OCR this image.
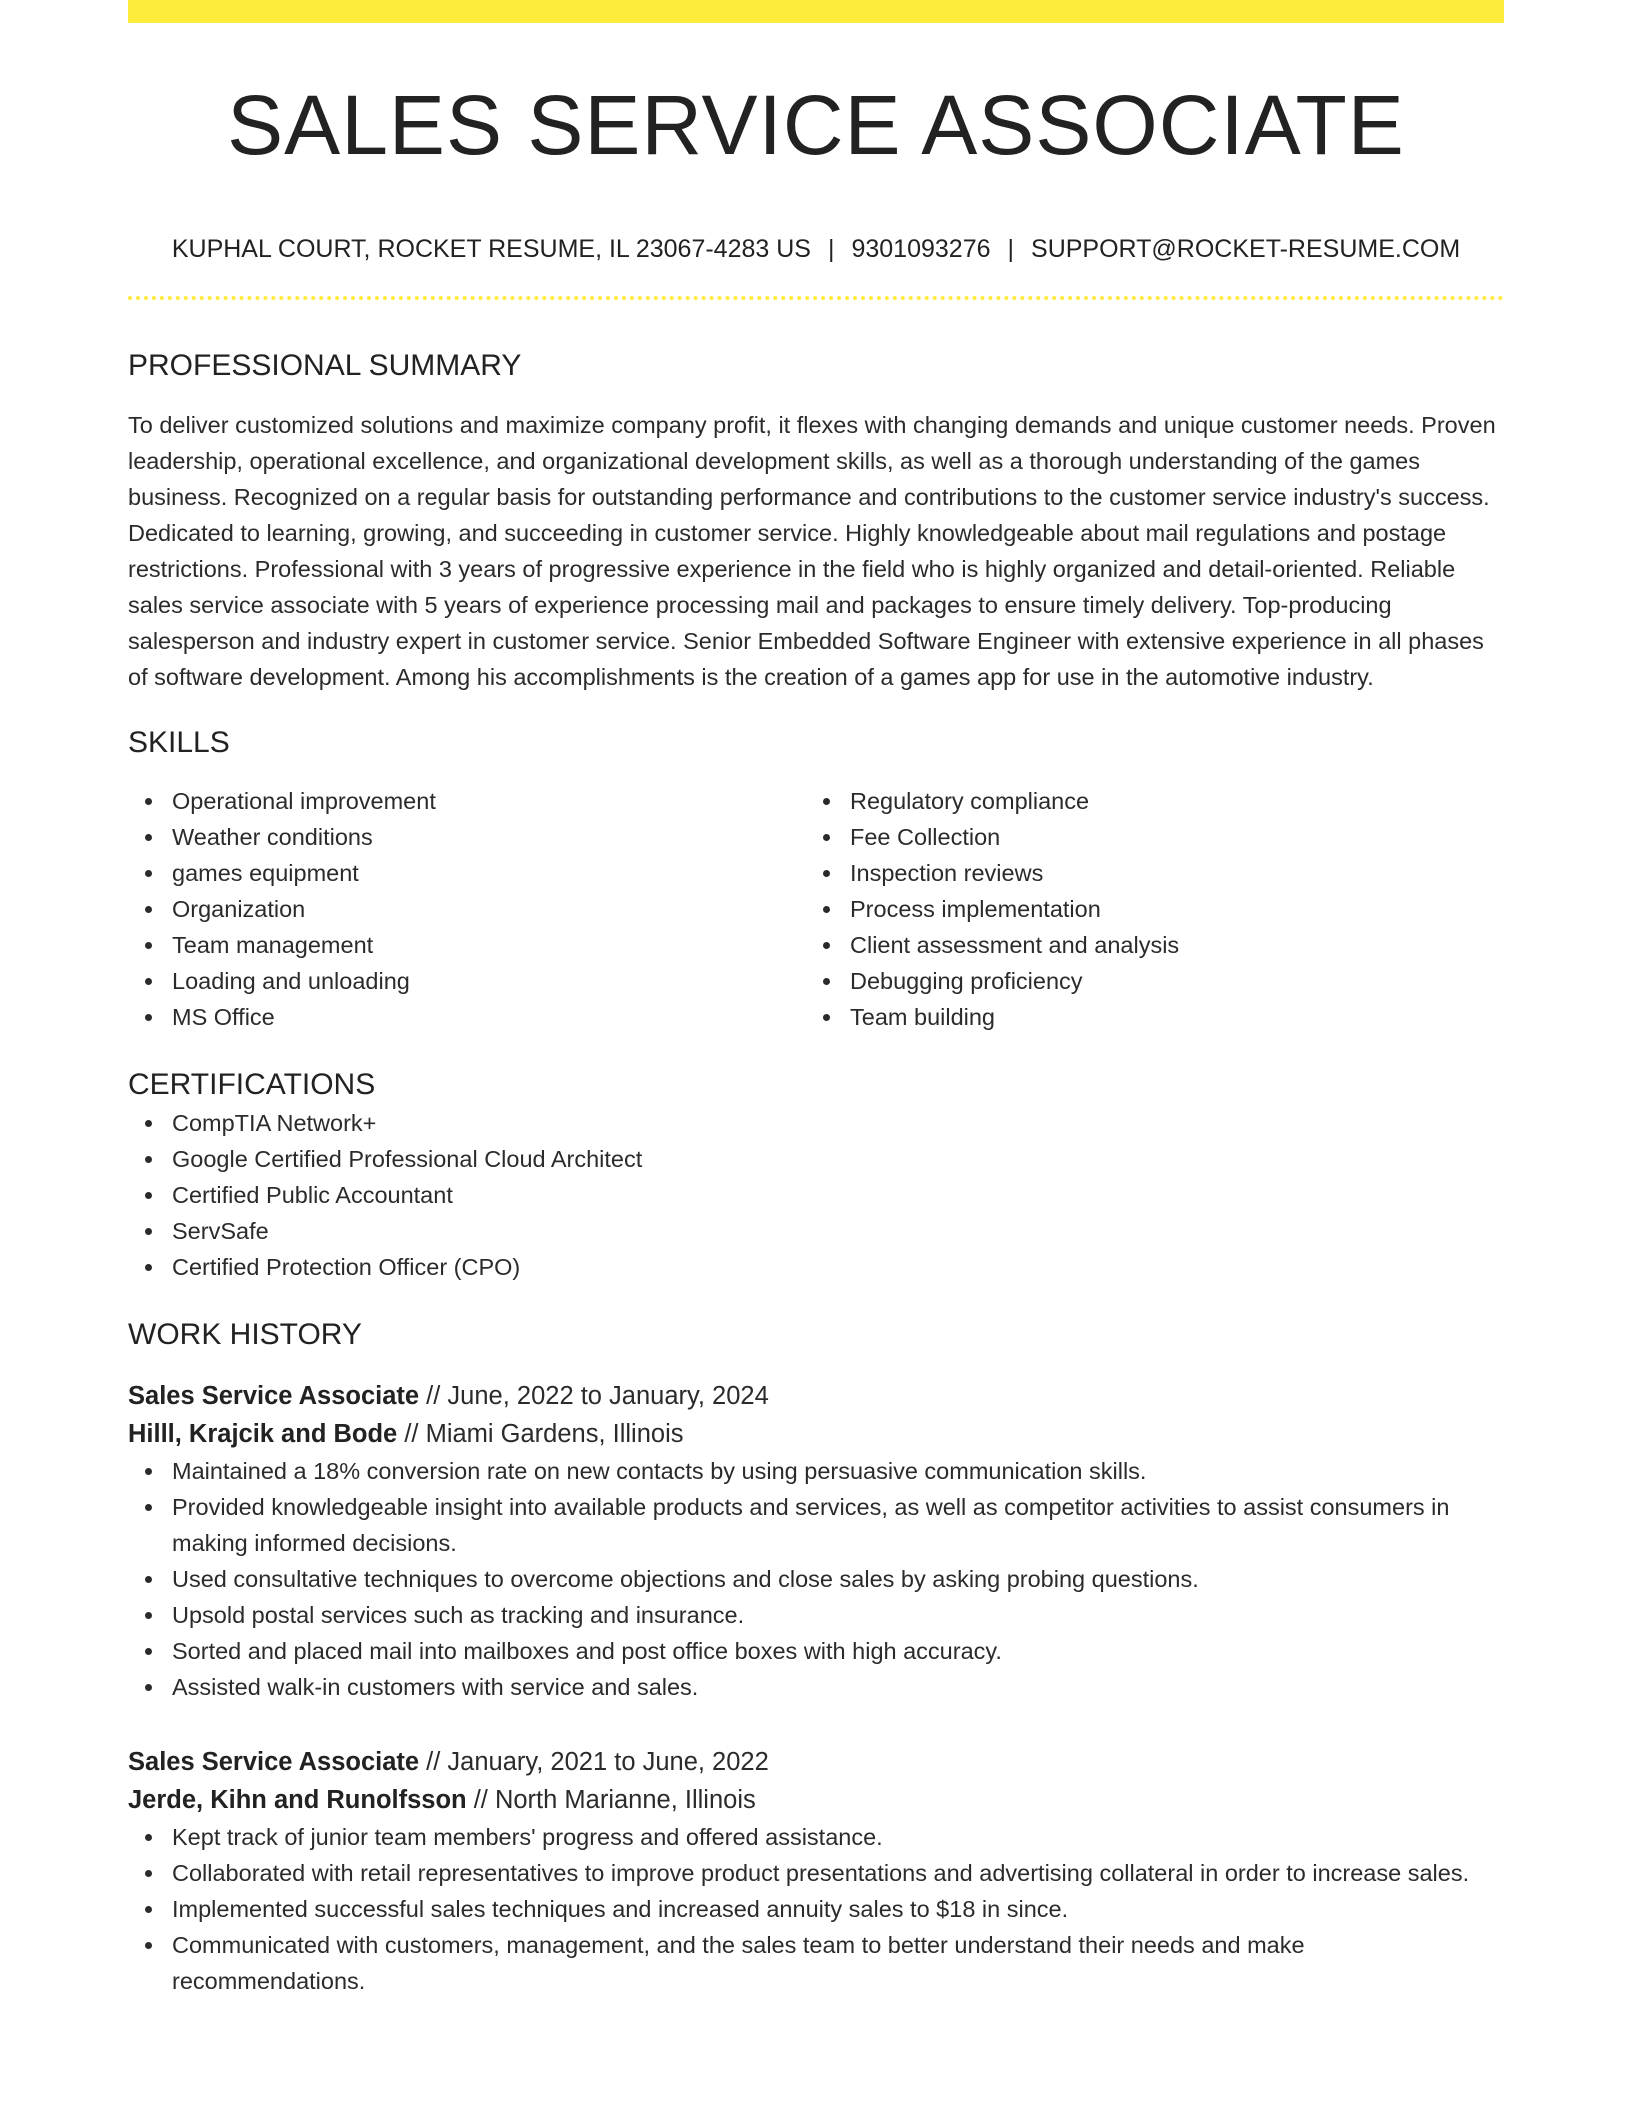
SALES SERVICE ASSOCIATE
KUPHAL COURT, ROCKET RESUME, IL 23067-4283 US | 9301093276 | SUPPORT@ROCKET-RESUME.COM
PROFESSIONAL SUMMARY

To deliver customized solutions and maximize company profit, it flexes with changing demands and unique customer needs. Proven leadership, operational excellence, and organizational development skills, as well as a thorough understanding of the games business. Recognized on a regular basis for outstanding performance and contributions to the customer service industry's success. Dedicated to learning, growing, and succeeding in customer service. Highly knowledgeable about mail regulations and postage restrictions. Professional with 3 years of progressive experience in the field who is highly organized and detail-oriented. Reliable sales service associate with 5 years of experience processing mail and packages to ensure timely delivery. Top-producing salesperson and industry expert in customer service. Senior Embedded Software Engineer with extensive experience in all phases of software development. Among his accomplishments is the creation of a games app for use in the automotive industry.

SKILLS
Operational improvement
Weather conditions
games equipment
Organization
Team management
Loading and unloading
MS Office
Regulatory compliance
Fee Collection
Inspection reviews
Process implementation
Client assessment and analysis
Debugging proficiency
Team building
CERTIFICATIONS
CompTIA Network+
Google Certified Professional Cloud Architect
Certified Public Accountant
ServSafe
Certified Protection Officer (CPO)
WORK HISTORY
Sales Service Associate // June, 2022 to January, 2024
Hilll, Krajcik and Bode // Miami Gardens, Illinois
Maintained a 18% conversion rate on new contacts by using persuasive communication skills.
Provided knowledgeable insight into available products and services, as well as competitor activities to assist consumers in making informed decisions.
Used consultative techniques to overcome objections and close sales by asking probing questions.
Upsold postal services such as tracking and insurance.
Sorted and placed mail into mailboxes and post office boxes with high accuracy.
Assisted walk-in customers with service and sales.
Sales Service Associate // January, 2021 to June, 2022
Jerde, Kihn and Runolfsson // North Marianne, Illinois
Kept track of junior team members' progress and offered assistance.
Collaborated with retail representatives to improve product presentations and advertising collateral in order to increase sales.
Implemented successful sales techniques and increased annuity sales to $18 in since.
Communicated with customers, management, and the sales team to better understand their needs and make recommendations.
